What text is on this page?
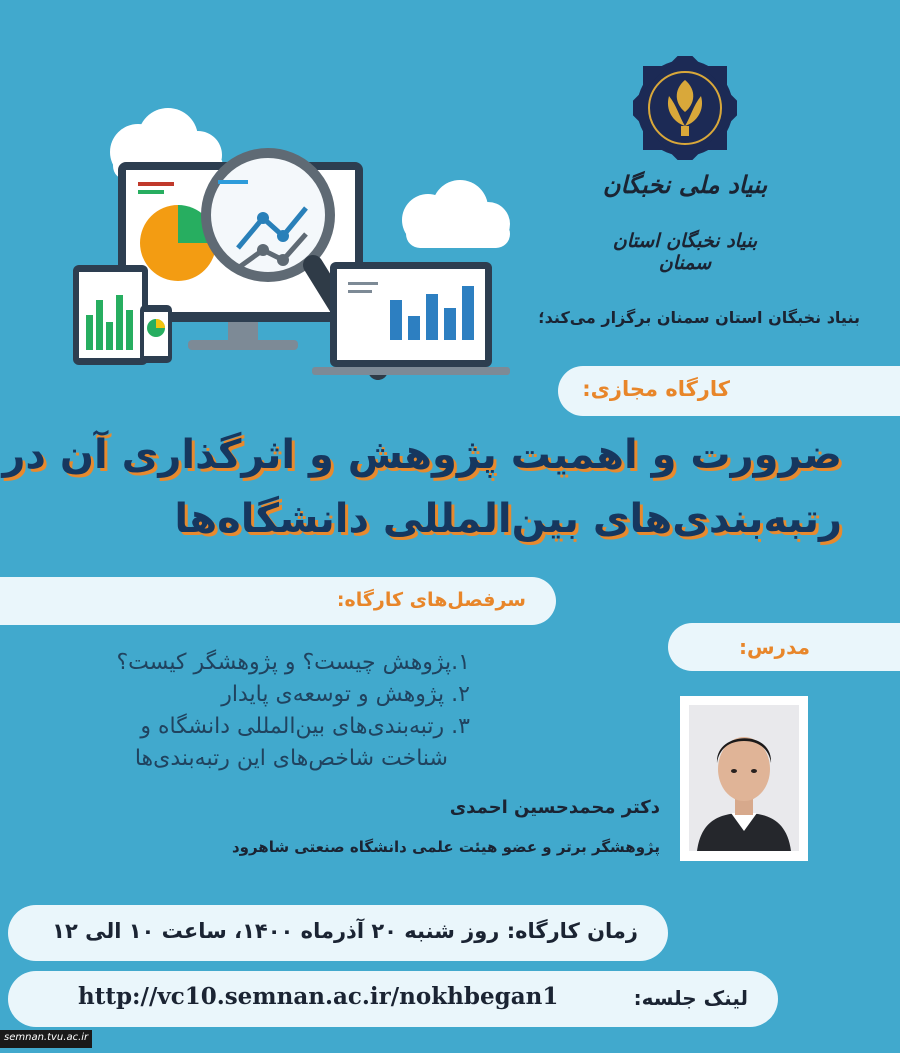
بنیاد ملی نخبگان
بنیاد نخبگان استان سمنان
بنیاد نخبگان استان سمنان برگزار می‌کند؛
کارگاه مجازی:
ضرورت و اهمیت پژوهش و اثرگذاری آن در
رتبه‌بندی‌های بین‌المللی دانشگاه‌ها
سرفصل‌های کارگاه:
مدرس:
۱.پژوهش چیست؟ و پژوهشگر کیست؟
۲. پژوهش و توسعه‌ی پایدار
۳. رتبه‌بندی‌های بین‌المللی دانشگاه و
شناخت شاخص‌های این رتبه‌بندی‌ها
دکتر محمدحسین احمدی
پژوهشگر برتر و عضو هیئت علمی دانشگاه صنعتی شاهرود
زمان کارگاه: روز شنبه ۲۰ آذرماه ۱۴۰۰، ساعت ۱۰ الی ۱۲
لینک جلسه:
http://vc10.semnan.ac.ir/nokhbegan1
semnan.tvu.ac.ir
